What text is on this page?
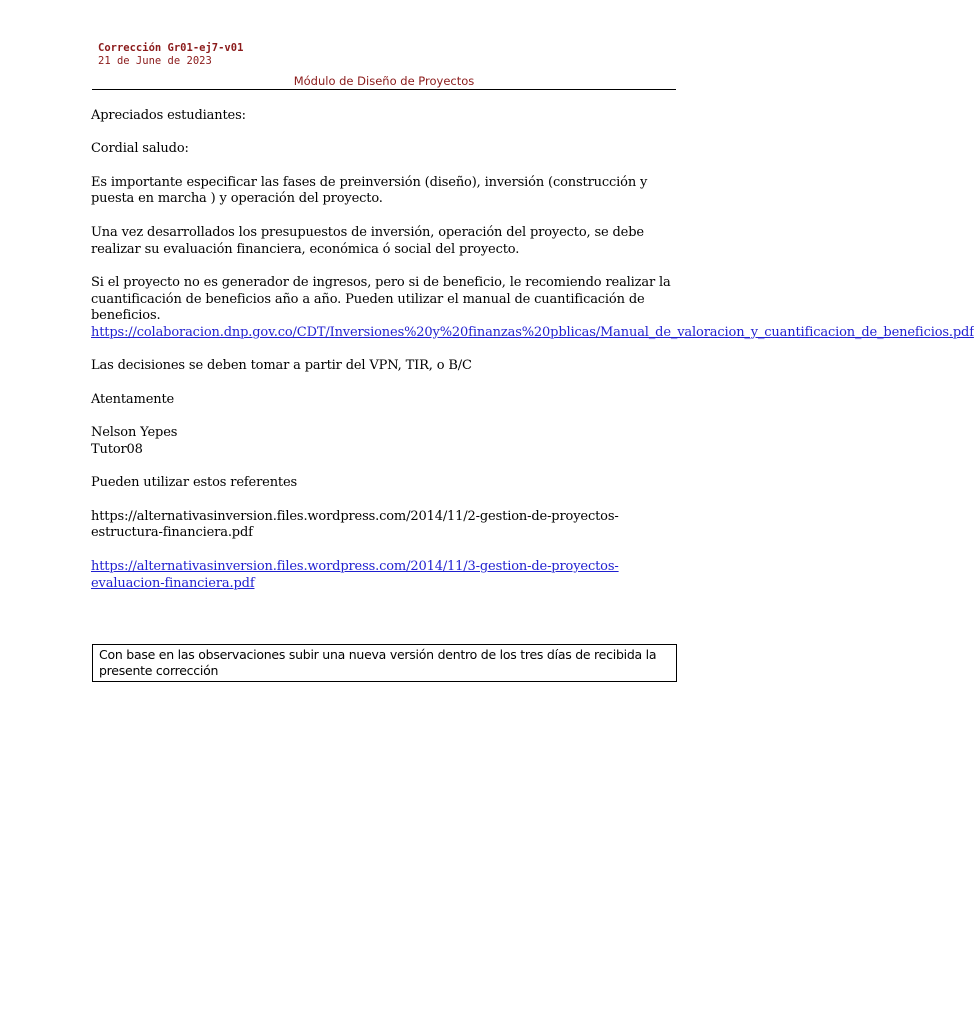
Corrección Gr01-ej7-v01

21 de June de 2023

Módulo de Diseño de Proyectos

Apreciados estudiantes:

Cordial saludo:

Es importante especificar las fases de preinversión (diseño), inversión (construcción y puesta en marcha ) y operación del proyecto.

Una vez desarrollados los presupuestos de inversión, operación del proyecto, se debe realizar su evaluación financiera, económica ó social del proyecto.

Si el proyecto no es generador de ingresos, pero si de beneficio, le recomiendo realizar la cuantificación de beneficios año a año. Pueden utilizar el manual de cuantificación de beneficios.
https://colaboracion.dnp.gov.co/CDT/Inversiones%20y%20finanzas%20pblicas/Manual_de_valoracion_y_cuantificacion_de_beneficios.pdf

Las decisiones se deben tomar a partir del VPN, TIR, o B/C

Atentamente

Nelson Yepes
Tutor08

Pueden utilizar estos referentes

https://alternativasinversion.files.wordpress.com/2014/11/2-gestion-de-proyectos-estructura-financiera.pdf

https://alternativasinversion.files.wordpress.com/2014/11/3-gestion-de-proyectos-evaluacion-financiera.pdf

Con base en las observaciones subir una nueva versión dentro de los tres días de recibida la presente corrección
